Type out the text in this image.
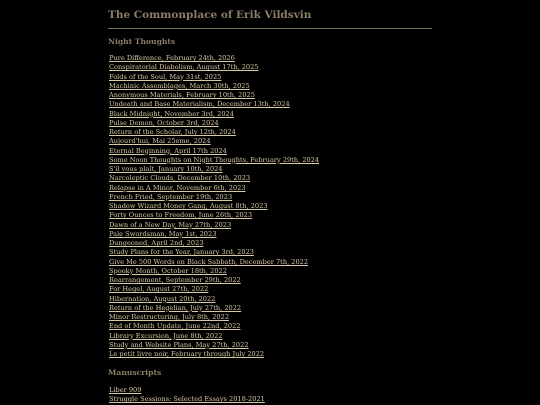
The Commonplace of Erik Vildsvin
Night Thoughts
Pure Difference, February 24th, 2026
Conspiratorial Diabolism, August 17th, 2025
Folds of the Soul, May 31st, 2025
Machinic Assemblages, March 30th, 2025
Anonymous Materials, February 10th, 2025
Undeath and Base Materialism, December 13th, 2024
Black Midnight, November 3rd, 2024
Pulse Demon, October 3rd, 2024
Return of the Scholar, July 12th, 2024
Aujourd'hui, Mai 25eme, 2024
Eternal Beginning, April 17th 2024
Some Noon Thoughts on Night Thoughts, February 29th, 2024
S'il vous plaît, January 10th, 2024
Narcoleptic Clouds, December 10th, 2023
Relapse in A Minor, November 6th, 2023
French Fried, September 19th, 2023
Shadow Wizard Money Gang, August 8th, 2023
Forty Ounces to Freedom, June 26th, 2023
Dawn of a New Day, May 27th, 2023
Pale Swordsman, May 1st, 2023
Dungeoned, April 2nd, 2023
Study Plans for the Year, January 3rd, 2023
Give Me 500 Words on Black Sabbath, December 7th, 2022
Spooky Month, October 18th, 2022
Rearrangement, September 29th, 2022
For Hegel, August 27th, 2022
Hibernation, August 20th, 2022
Return of the Hegelian, July 27th, 2022
Minor Restructuring, July 8th, 2022
End of Month Update, June 22nd, 2022
Library Excursion, June 8th, 2022
Study and Website Plans, May 27th, 2022
Le petit livre noir, February through July 2022
Manuscripts
Liber 909
Struggle Sessions: Selected Essays 2018-2021
